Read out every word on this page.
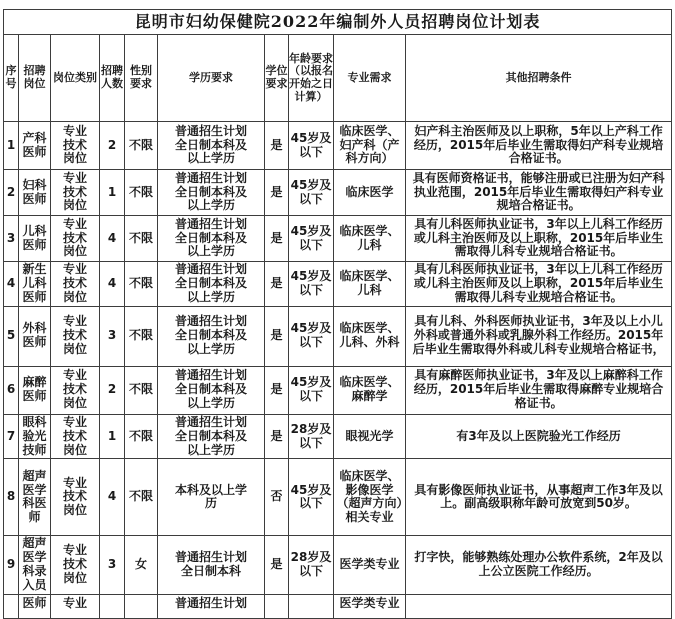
昆明市妇幼保健院2022年编制外人员招聘岗位计划表									
序号	招聘岗位	岗位类别	招聘人数	性别要求	学历要求	学位要求	年龄要求（以报名开始之日计算）	专业需求	其他招聘条件
1	产科医师	专业技术岗位	2	不限	普通招生计划全日制本科及以上学历	是	45岁及以下	临床医学、妇产科（产科方向）	妇产科主治医师及以上职称，5年以上产科工作经历，2015年后毕业生需取得妇产科专业规培合格证书。
2	妇科医师	专业技术岗位	1	不限	普通招生计划全日制本科及以上学历	是	45岁及以下	临床医学	具有医师资格证书，能够注册或已注册为妇产科执业范围，2015年后毕业生需取得妇产科专业规培合格证书。
3	儿科医师	专业技术岗位	4	不限	普通招生计划全日制本科及以上学历	是	45岁及以下	临床医学、儿科	具有儿科医师执业证书，3年以上儿科工作经历或儿科主治医师及以上职称，2015年后毕业生需取得儿科专业规培合格证书。
4	新生儿科医师	专业技术岗位	4	不限	普通招生计划全日制本科及以上学历	是	45岁及以下	临床医学、儿科	具有儿科医师执业证书，3年以上儿科工作经历或儿科主治医师及以上职称，2015年后毕业生需取得儿科专业规培合格证书。
5	外科医师	专业技术岗位	3	不限	普通招生计划全日制本科及以上学历	是	45岁及以下	临床医学、儿科、外科	具有儿科、外科医师执业证书，3年及以上小儿外科或普通外科或乳腺外科工作经历。2015年后毕业生需取得外科或儿科专业规培合格证书，
6	麻醉医师	专业技术岗位	2	不限	普通招生计划全日制本科及以上学历	是	45岁及以下	临床医学、麻醉学	具有麻醉医师执业证书，3年及以上麻醉科工作经历，2015年后毕业生需取得麻醉专业规培合格证书。
7	眼科验光技师	专业技术岗位	1	不限	普通招生计划全日制本科及以上学历	是	28岁及以下	眼视光学	有3年及以上医院验光工作经历
8	超声医学科医师	专业技术岗位	4	不限	本科及以上学历	否	45岁及以下	临床医学、影像医学（超声方向）相关专业	具有影像医师执业证书，从事超声工作3年及以上。副高级职称年龄可放宽到50岁。
9	超声医学科录入员	专业技术岗位	3	女	普通招生计划全日制本科	是	28岁及以下	医学类专业	打字快，能够熟练处理办公软件系统，2年及以上公立医院工作经历。
	医师	专业			普通招生计划			医学类专业	
